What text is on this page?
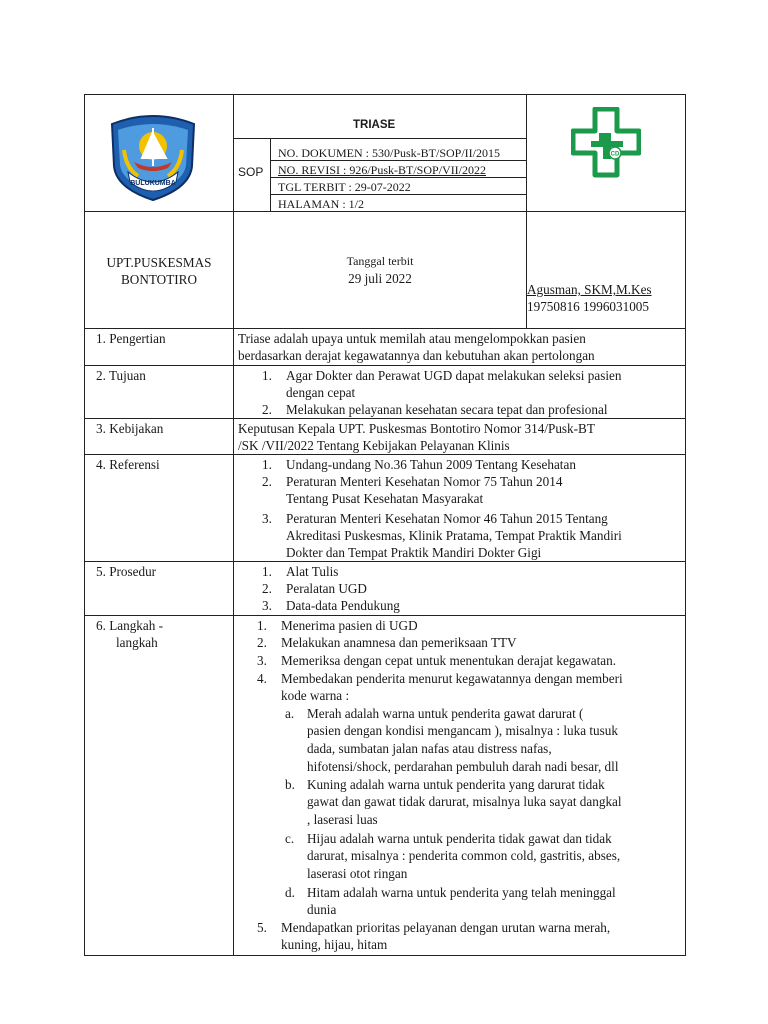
BULUKUMBA
CD
TRIASE
SOP
NO. DOKUMEN : 530/Pusk-BT/SOP/II/2015
NO. REVISI : 926/Pusk-BT/SOP/VII/2022
TGL TERBIT : 29-07-2022
HALAMAN : 1/2
UPT.PUSKESMAS
BONTOTIRO
Tanggal terbit
29 juli 2022
Agusman, SKM,M.Kes
19750816 1996031005
1. Pengertian	Triase adalah upaya untuk memilah atau mengelompokkan pasien
berdasarkan derajat kegawatannya dan kebutuhan akan pertolongan
2. Tujuan	1. Agar Dokter dan Perawat UGD dapat melakukan seleksi pasien
dengan cepat
2. Melakukan pelayanan kesehatan secara tepat dan profesional
3. Kebijakan	Keputusan Kepala UPT. Puskesmas Bontotiro Nomor 314/Pusk-BT
/SK /VII/2022 Tentang Kebijakan Pelayanan Klinis
4. Referensi	1. Undang-undang No.36 Tahun 2009 Tentang Kesehatan
2. Peraturan Menteri Kesehatan Nomor 75 Tahun 2014
Tentang Pusat Kesehatan Masyarakat
3. Peraturan Menteri Kesehatan Nomor 46 Tahun 2015 Tentang
Akreditasi Puskesmas, Klinik Pratama, Tempat Praktik Mandiri
Dokter dan Tempat Praktik Mandiri Dokter Gigi
5. Prosedur	1. Alat Tulis
2. Peralatan UGD
3. Data-data Pendukung
6. Langkah -
langkah
1. Menerima pasien di UGD
2. Melakukan anamnesa dan pemeriksaan TTV
3. Memeriksa dengan cepat untuk menentukan derajat kegawatan.
4. Membedakan penderita menurut kegawatannya dengan memberi
kode warna :
a. Merah adalah warna untuk penderita gawat darurat (
pasien dengan kondisi mengancam ), misalnya : luka tusuk
dada, sumbatan jalan nafas atau distress nafas,
hifotensi/shock, perdarahan pembuluh darah nadi besar, dll
b. Kuning adalah warna untuk penderita yang darurat tidak
gawat dan gawat tidak darurat, misalnya luka sayat dangkal
, laserasi luas
c. Hijau adalah warna untuk penderita tidak gawat dan tidak
darurat, misalnya : penderita common cold, gastritis, abses,
laserasi otot ringan
d. Hitam adalah warna untuk penderita yang telah meninggal
dunia
5. Mendapatkan prioritas pelayanan dengan urutan warna merah,
kuning, hijau, hitam
